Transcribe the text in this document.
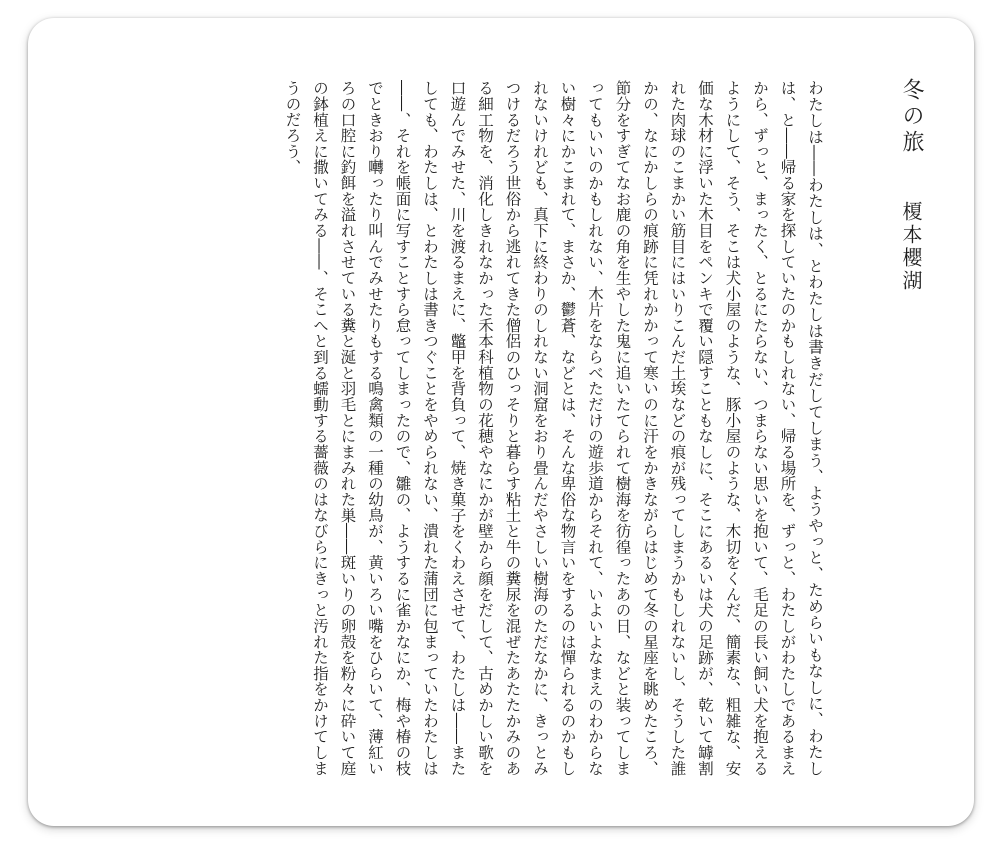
冬の旅
榎本櫻湖

わたしは――わたしは、とわたしは書きだしてしまう、ようやっと、ためらいもなしに、わたしは、と――帰る家を探していたのかもしれない、帰る場所を、ずっと、わたしがわたしであるまえから、ずっと、まったく、とるにたらない、つまらない思いを抱いて、毛足の長い飼い犬を抱えるようにして、そう、そこは犬小屋のような、豚小屋のような、木切をくんだ、簡素な、粗雑な、安価な木材に浮いた木目をペンキで覆い隠すこともなしに、そこにあるいは犬の足跡が、乾いて罅割れた肉球のこまかい筋目にはいりこんだ土埃などの痕が残ってしまうかもしれないし、そうした誰かの、なにかしらの痕跡に凭れかかって寒いのに汗をかきながらはじめて冬の星座を眺めたころ、節分をすぎてなお鹿の角を生やした鬼に追いたてられて樹海を彷徨ったあの日、などと装ってしまってもいいのかもしれない、木片をならべただけの遊歩道からそれて、いよいよなまえのわからない樹々にかこまれて、まさか、鬱蒼、などとは、そんな卑俗な物言いをするのは憚られるのかもしれないけれども、真下に終わりのしれない洞窟をおり畳んだやさしい樹海のただなかに、きっとみつけるだろう世俗から逃れてきた僧侶のひっそりと暮らす粘土と牛の糞尿を混ぜたあたたかみのある細工物を、消化しきれなかった禾本科植物の花穂やなにかが壁から顔をだして、古めかしい歌を口遊んでみせた、川を渡るまえに、鼈甲を背負って、焼き菓子をくわえさせて、わたしは――またしても、わたしは、とわたしは書きつぐことをやめられない、潰れた蒲団に包まっていたわたしは――、それを帳面に写すことすら怠ってしまったので、雛の、ようするに雀かなにか、梅や椿の枝でときおり囀ったり叫んでみせたりもする鳴禽類の一種の幼鳥が、黄いろい嘴をひらいて、薄紅いろの口腔に釣餌を溢れさせている糞と涎と羽毛とにまみれた巣――斑いりの卵殻を粉々に砕いて庭の鉢植えに撒いてみる――、そこへと到る蠕動する薔薇のはなびらにきっと汚れた指をかけてしまうのだろう、
